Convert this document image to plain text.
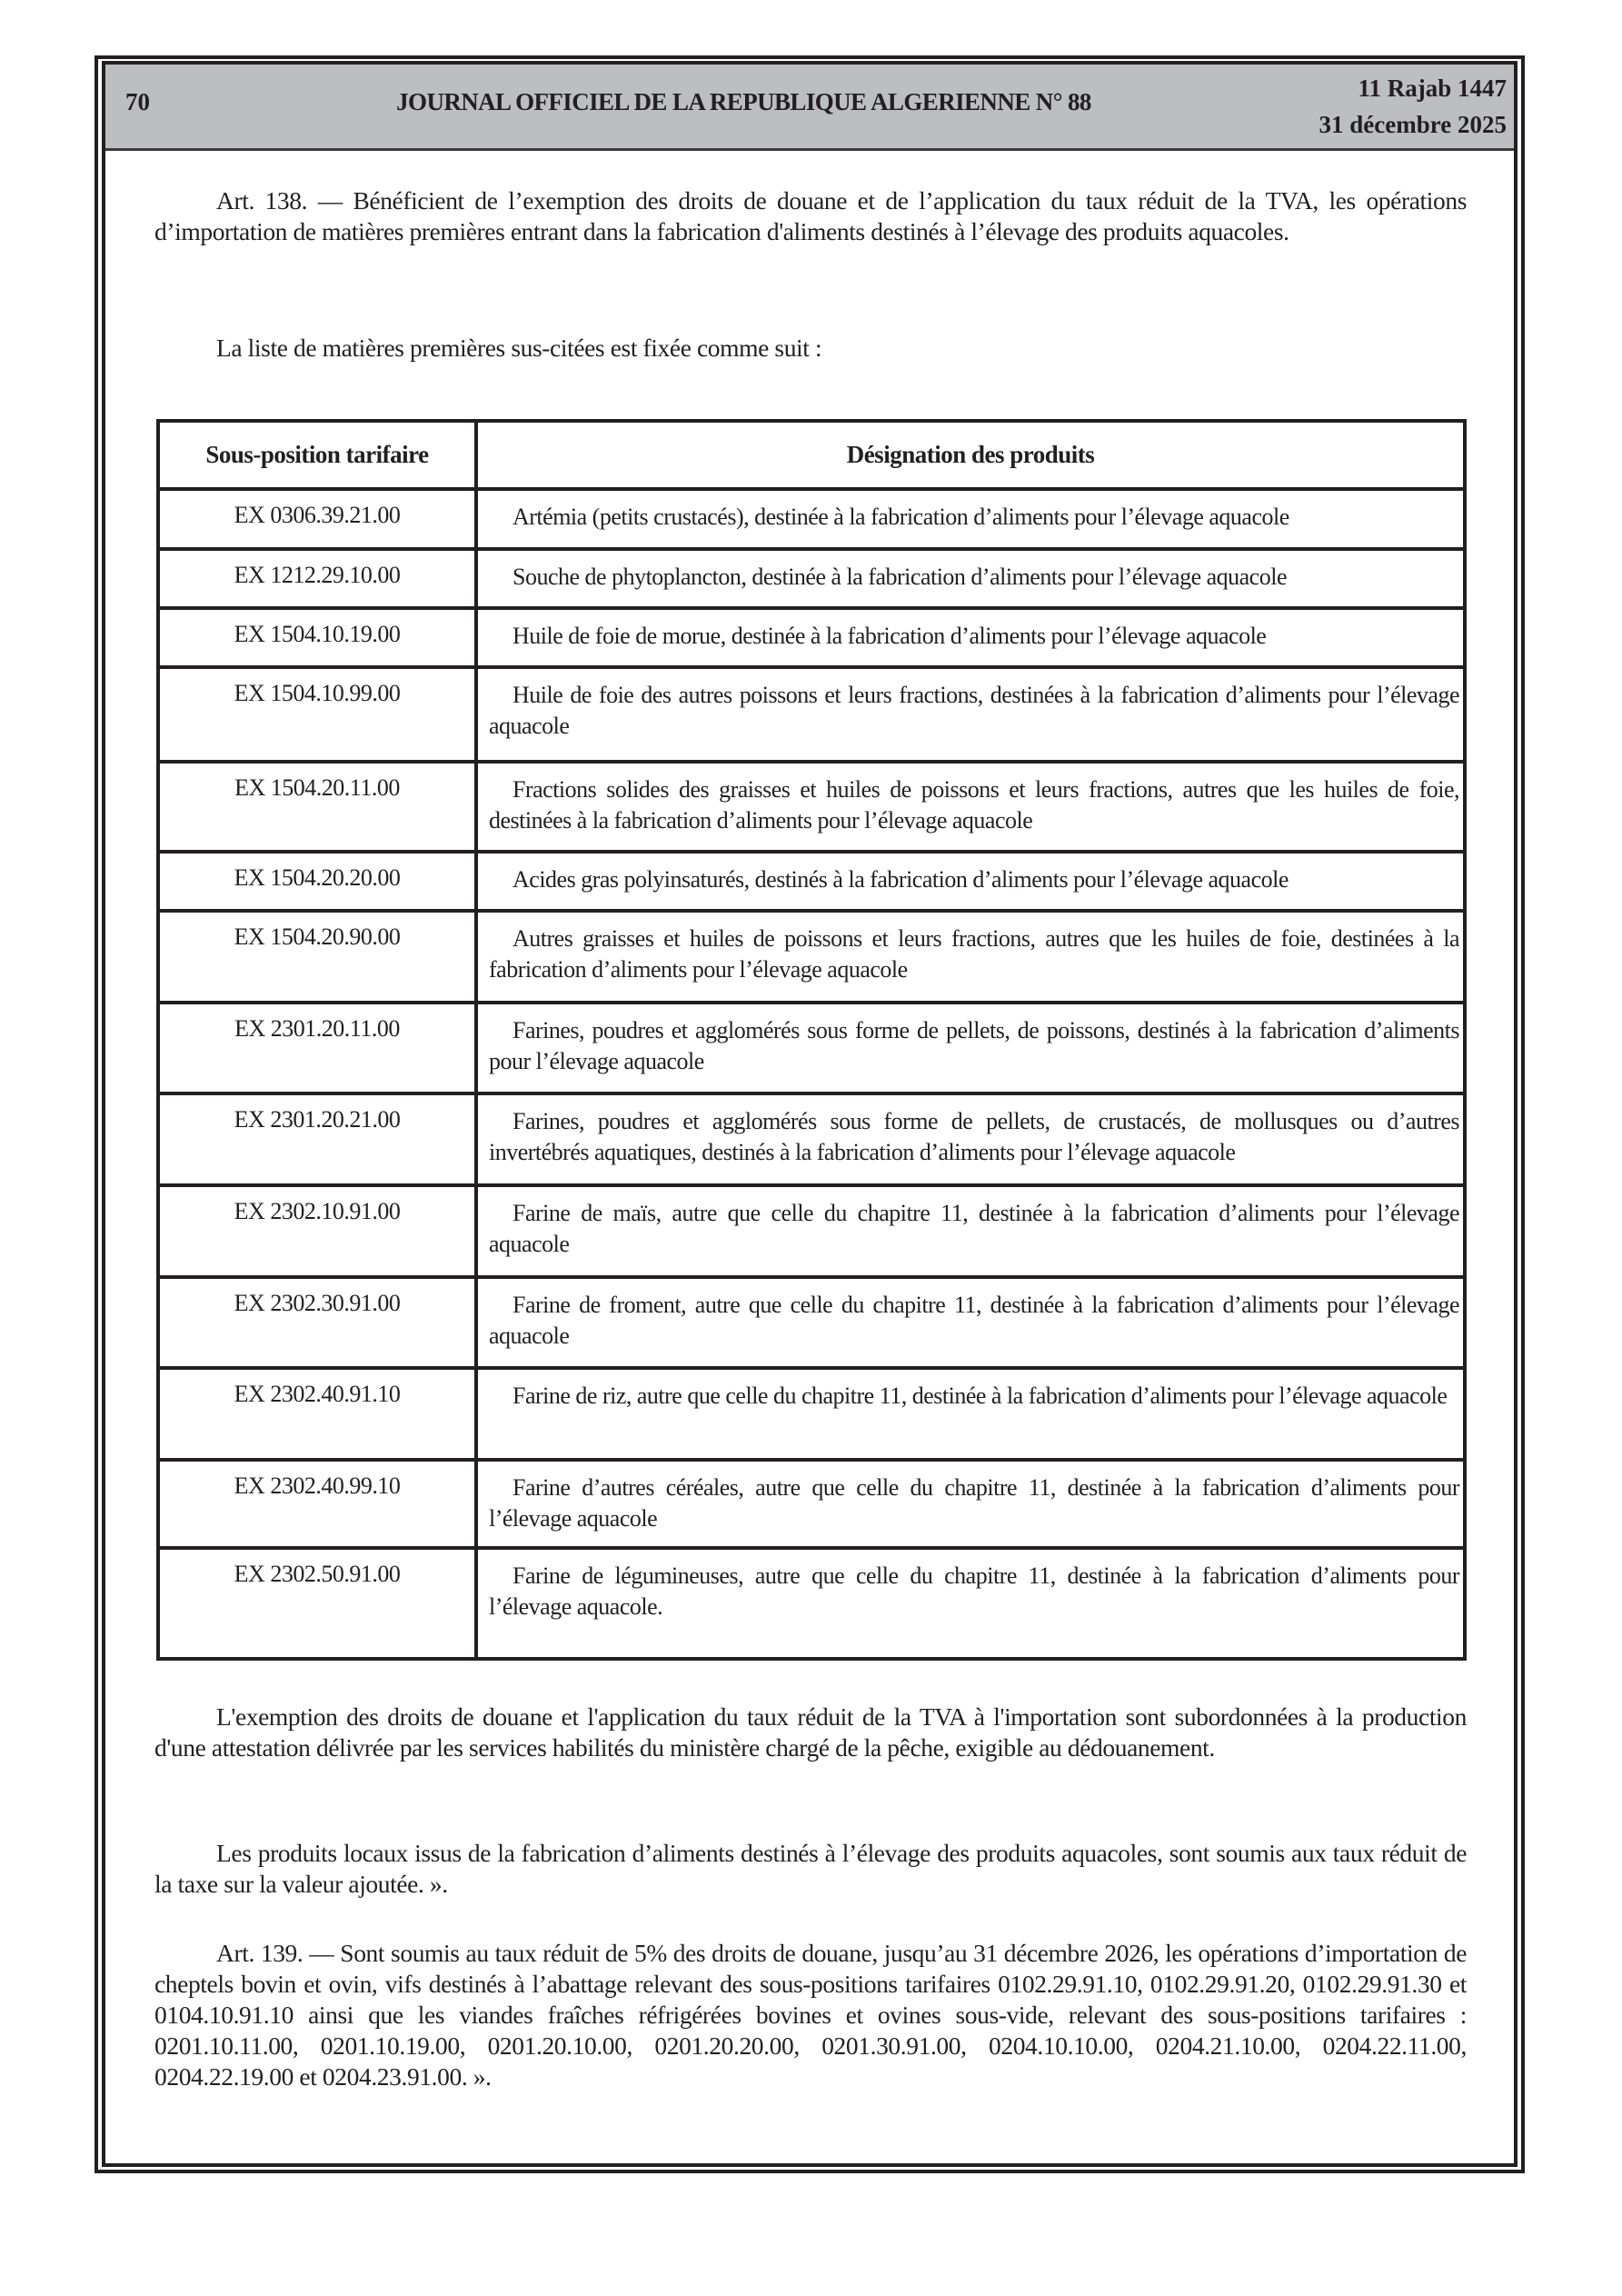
70	JOURNAL OFFICIEL DE LA REPUBLIQUE ALGERIENNE N° 88	11 Rajab 1447
31 décembre 2025

Art. 138. — Bénéficient de l’exemption des droits de douane et de l’application du taux réduit de la TVA, les opérations d’importation de matières premières entrant dans la fabrication d'aliments destinés à l’élevage des produits aquacoles.

La liste de matières premières sus-citées est fixée comme suit :

Sous-position tarifaire	Désignation des produits
EX 0306.39.21.00	Artémia (petits crustacés), destinée à la fabrication d’aliments pour l’élevage aquacole
EX 1212.29.10.00	Souche de phytoplancton, destinée à la fabrication d’aliments pour l’élevage aquacole
EX 1504.10.19.00	Huile de foie de morue, destinée à la fabrication d’aliments pour l’élevage aquacole
EX 1504.10.99.00	Huile de foie des autres poissons et leurs fractions, destinées à la fabrication d’aliments pour l’élevage aquacole
EX 1504.20.11.00	Fractions solides des graisses et huiles de poissons et leurs fractions, autres que les huiles de foie, destinées à la fabrication d’aliments pour l’élevage aquacole
EX 1504.20.20.00	Acides gras polyinsaturés, destinés à la fabrication d’aliments pour l’élevage aquacole
EX 1504.20.90.00	Autres graisses et huiles de poissons et leurs fractions, autres que les huiles de foie, destinées à la fabrication d’aliments pour l’élevage aquacole
EX 2301.20.11.00	Farines, poudres et agglomérés sous forme de pellets, de poissons, destinés à la fabrication d’aliments pour l’élevage aquacole
EX 2301.20.21.00	Farines, poudres et agglomérés sous forme de pellets, de crustacés, de mollusques ou d’autres invertébrés aquatiques, destinés à la fabrication d’aliments pour l’élevage aquacole
EX 2302.10.91.00	Farine de maïs, autre que celle du chapitre 11, destinée à la fabrication d’aliments pour l’élevage aquacole
EX 2302.30.91.00	Farine de froment, autre que celle du chapitre 11, destinée à la fabrication d’aliments pour l’élevage aquacole
EX 2302.40.91.10	Farine de riz, autre que celle du chapitre 11, destinée à la fabrication d’aliments pour l’élevage aquacole
EX 2302.40.99.10	Farine d’autres céréales, autre que celle du chapitre 11, destinée à la fabrication d’aliments pour l’élevage aquacole
EX 2302.50.91.00	Farine de légumineuses, autre que celle du chapitre 11, destinée à la fabrication d’aliments pour l’élevage aquacole.

L'exemption des droits de douane et l'application du taux réduit de la TVA à l'importation sont subordonnées à la production d'une attestation délivrée par les services habilités du ministère chargé de la pêche, exigible au dédouanement.

Les produits locaux issus de la fabrication d’aliments destinés à l’élevage des produits aquacoles, sont soumis aux taux réduit de la taxe sur la valeur ajoutée. ».

Art. 139. — Sont soumis au taux réduit de 5% des droits de douane, jusqu’au 31 décembre 2026, les opérations d’importation de cheptels bovin et ovin, vifs destinés à l’abattage relevant des sous-positions tarifaires 0102.29.91.10, 0102.29.91.20, 0102.29.91.30 et 0104.10.91.10 ainsi que les viandes fraîches réfrigérées bovines et ovines sous-vide, relevant des sous-positions tarifaires : 0201.10.11.00, 0201.10.19.00, 0201.20.10.00, 0201.20.20.00, 0201.30.91.00, 0204.10.10.00, 0204.21.10.00, 0204.22.11.00, 0204.22.19.00 et 0204.23.91.00. ».
